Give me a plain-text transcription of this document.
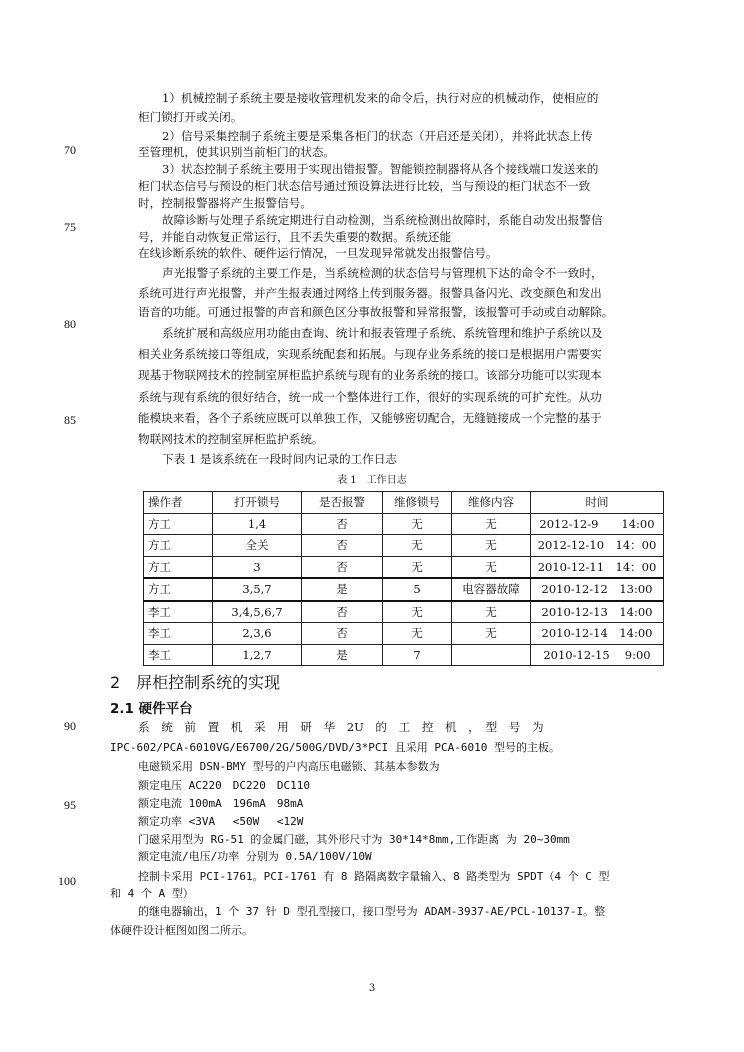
70
75
80
85
90
95
100
1）机械控制子系统主要是接收管理机发来的命令后，执行对应的机械动作，使相应的
柜门锁打开或关闭。
2）信号采集控制子系统主要是采集各柜门的状态（开启还是关闭），并将此状态上传
至管理机，使其识别当前柜门的状态。
3）状态控制子系统主要用于实现出错报警。智能锁控制器将从各个接线端口发送来的
柜门状态信号与预设的柜门状态信号通过预设算法进行比较，当与预设的柜门状态不一致
时，控制报警器将产生报警信号。
故障诊断与处理子系统定期进行自动检测，当系统检测出故障时，系能自动发出报警信
号，并能自动恢复正常运行，且不丢失重要的数据。系统还能
在线诊断系统的软件、硬件运行情况，一旦发现异常就发出报警信号。
声光报警子系统的主要工作是，当系统检测的状态信号与管理机下达的命令不一致时，
系统可进行声光报警，并产生报表通过网络上传到服务器。报警具备闪光、改变颜色和发出
语音的功能。可通过报警的声音和颜色区分事故报警和异常报警，该报警可手动或自动解除。
系统扩展和高级应用功能由查询、统计和报表管理子系统、系统管理和维护子系统以及
相关业务系统接口等组成，实现系统配套和拓展。与现存业务系统的接口是根据用户需要实
现基于物联网技术的控制室屏柜监护系统与现有的业务系统的接口。该部分功能可以实现本
系统与现有系统的很好结合，统一成一个整体进行工作，很好的实现系统的可扩充性。从功
能模块来看，各个子系统应既可以单独工作，又能够密切配合，无缝链接成一个完整的基于
物联网技术的控制室屏柜监护系统。
下表 1 是该系统在一段时间内记录的工作日志
表 1　工作日志
操作者	打开锁号	是否报警	维修锁号	维修内容	时间
方工	1,4	否	无	无	2012-12-9　　14:00
方工	全关	否	无	无	2012-12-10　14：00
方工	3	否	无	无	2010-12-11　14：00
方工	3,5,7	是	5	电容器故障	2010-12-12　13:00
李工	3,4,5,6,7	否	无	无	2010-12-13　14:00
李工	2,3,6	否	无	无	2010-12-14　14:00
李工	1,2,7	是	7		2010-12-15　 9:00
2　屏柜控制系统的实现
2.1 硬件平台
系　统　前　置　机　采　用　研　华　2U　的　工　控　机　，　型　号　为
IPC-602/PCA-6010VG/E6700/2G/500G/DVD/3*PCI 且采用 PCA-6010 型号的主板。
电磁锁采用 DSN-BMY 型号的户内高压电磁锁、其基本参数为
额定电压 AC220　DC220　DC110
额定电流 100mA　196mA　98mA
额定功率 <3VA　 <50W　 <12W
门磁采用型为 RG-51 的金属门磁，其外形尺寸为 30*14*8mm,工作距离 为 20~30mm
额定电流/电压/功率 分别为 0.5A/100V/10W
控制卡采用 PCI-1761。PCI-1761 有 8 路隔离数字量输入、8 路类型为 SPDT（4 个 C 型
和 4 个 A 型）
的继电器输出，1 个 37 针 D 型孔型接口，接口型号为 ADAM-3937-AE/PCL-10137-I。整
体硬件设计框图如图二所示。
3
